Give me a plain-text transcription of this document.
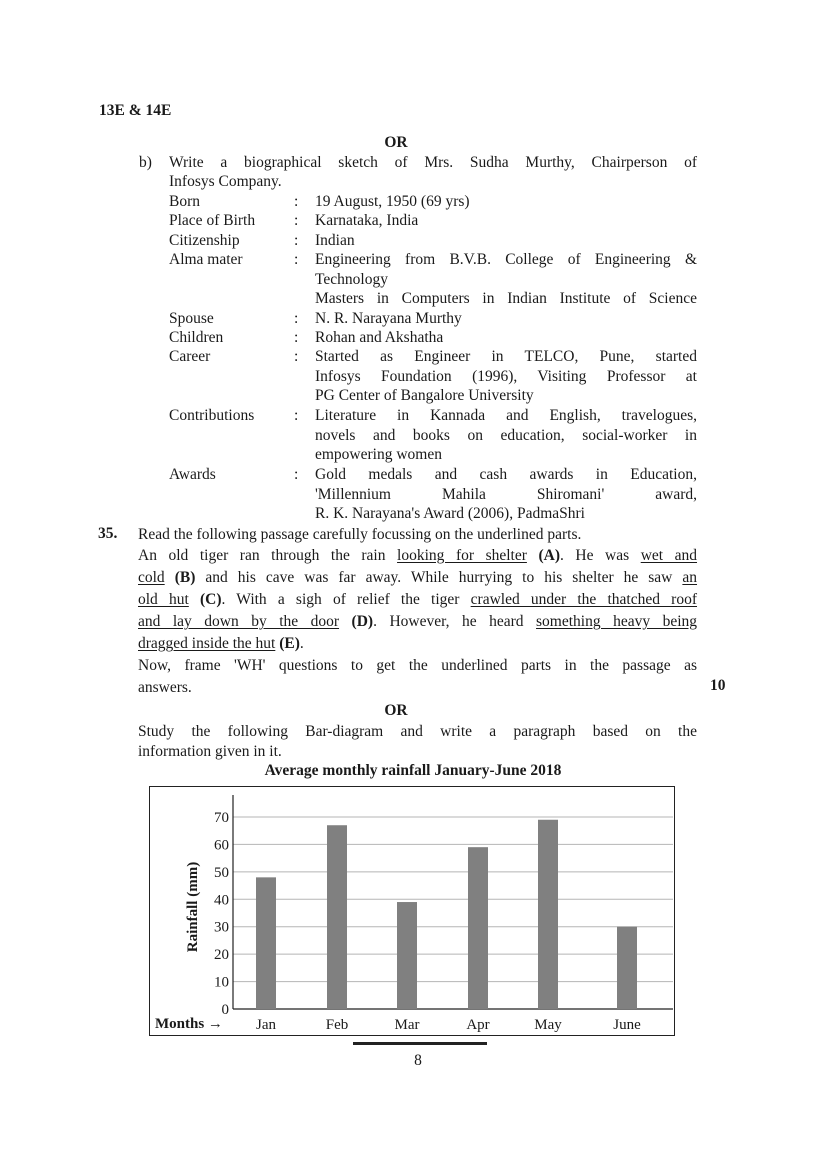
13E & 14E
OR
b) Write a biographical sketch of Mrs. Sudha Murthy, Chairperson of
Infosys Company.
Born	: 19 August, 1950 (69 yrs)
Place of Birth	: Karnataka, India
Citizenship	: Indian
Alma mater	: Engineering from B.V.B. College of Engineering &
Technology
Masters in Computers in Indian Institute of Science
Spouse	: N. R. Narayana Murthy
Children	: Rohan and Akshatha
Career	: Started as Engineer in TELCO, Pune, started
Infosys Foundation (1996), Visiting Professor at
PG Center of Bangalore University
Contributions	: Literature in Kannada and English, travelogues,
novels and books on education, social-worker in
empowering women
Awards	: Gold medals and cash awards in Education,
'Millennium Mahila Shiromani' award,
R. K. Narayana's Award (2006), PadmaShri
35. Read the following passage carefully focussing on the underlined parts.
An old tiger ran through the rain looking for shelter (A). He was wet and
cold (B) and his cave was far away. While hurrying to his shelter he saw an
old hut (C). With a sigh of relief the tiger crawled under the thatched roof
and lay down by the door (D). However, he heard something heavy being
dragged inside the hut (E).
Now, frame 'WH' questions to get the underlined parts in the passage as
answers.	10
OR
Study the following Bar-diagram and write a paragraph based on the
information given in it.
Average monthly rainfall January-June 2018
0
10
20
30
40
50
60
70
Jan	Feb	Mar	Apr	May	June
Rainfall (mm)
Months →
8
